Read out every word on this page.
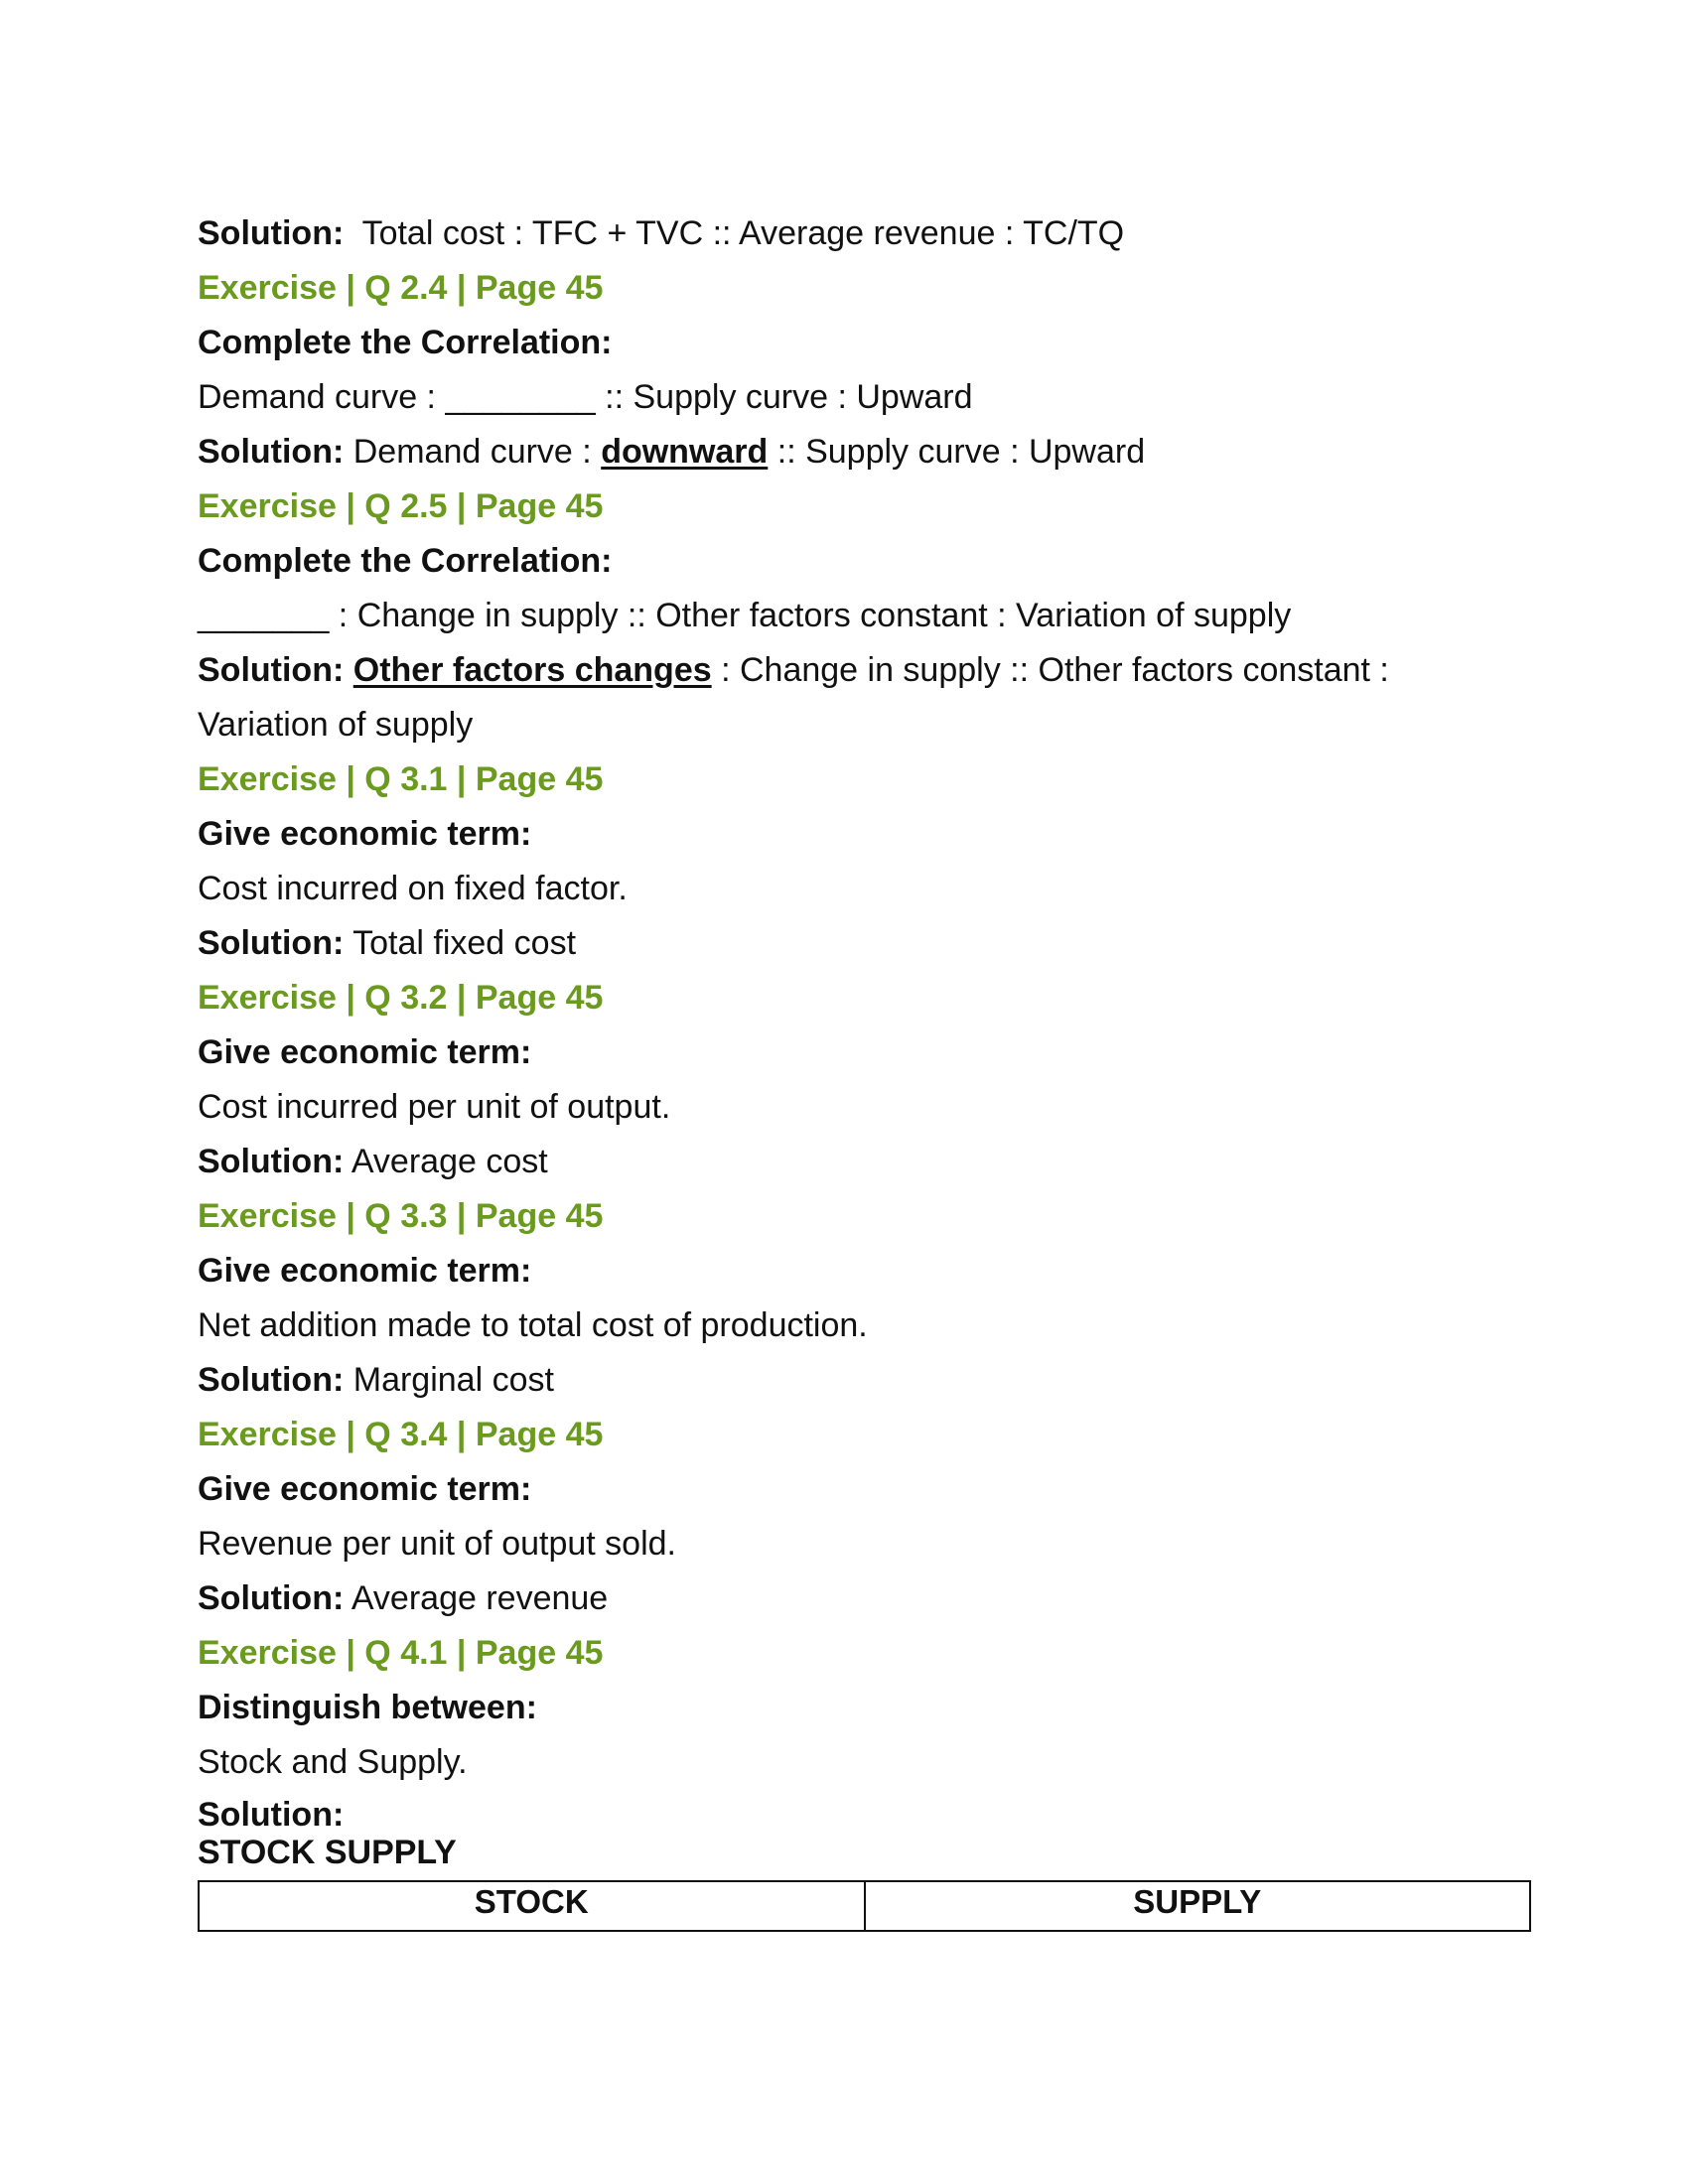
Solution:  Total cost : TFC + TVC :: Average revenue : TC/TQ
Exercise | Q 2.4 | Page 45
Complete the Correlation:
Demand curve : ________ :: Supply curve : Upward
Solution: Demand curve : downward :: Supply curve : Upward
Exercise | Q 2.5 | Page 45
Complete the Correlation:
_______ : Change in supply :: Other factors constant : Variation of supply
Solution: Other factors changes : Change in supply :: Other factors constant :
Variation of supply
Exercise | Q 3.1 | Page 45
Give economic term:
Cost incurred on fixed factor.
Solution: Total fixed cost
Exercise | Q 3.2 | Page 45
Give economic term:
Cost incurred per unit of output.
Solution: Average cost
Exercise | Q 3.3 | Page 45
Give economic term:
Net addition made to total cost of production.
Solution: Marginal cost
Exercise | Q 3.4 | Page 45
Give economic term:
Revenue per unit of output sold.
Solution: Average revenue
Exercise | Q 4.1 | Page 45
Distinguish between:
Stock and Supply.
Solution:
STOCK SUPPLY
STOCK	SUPPLY
